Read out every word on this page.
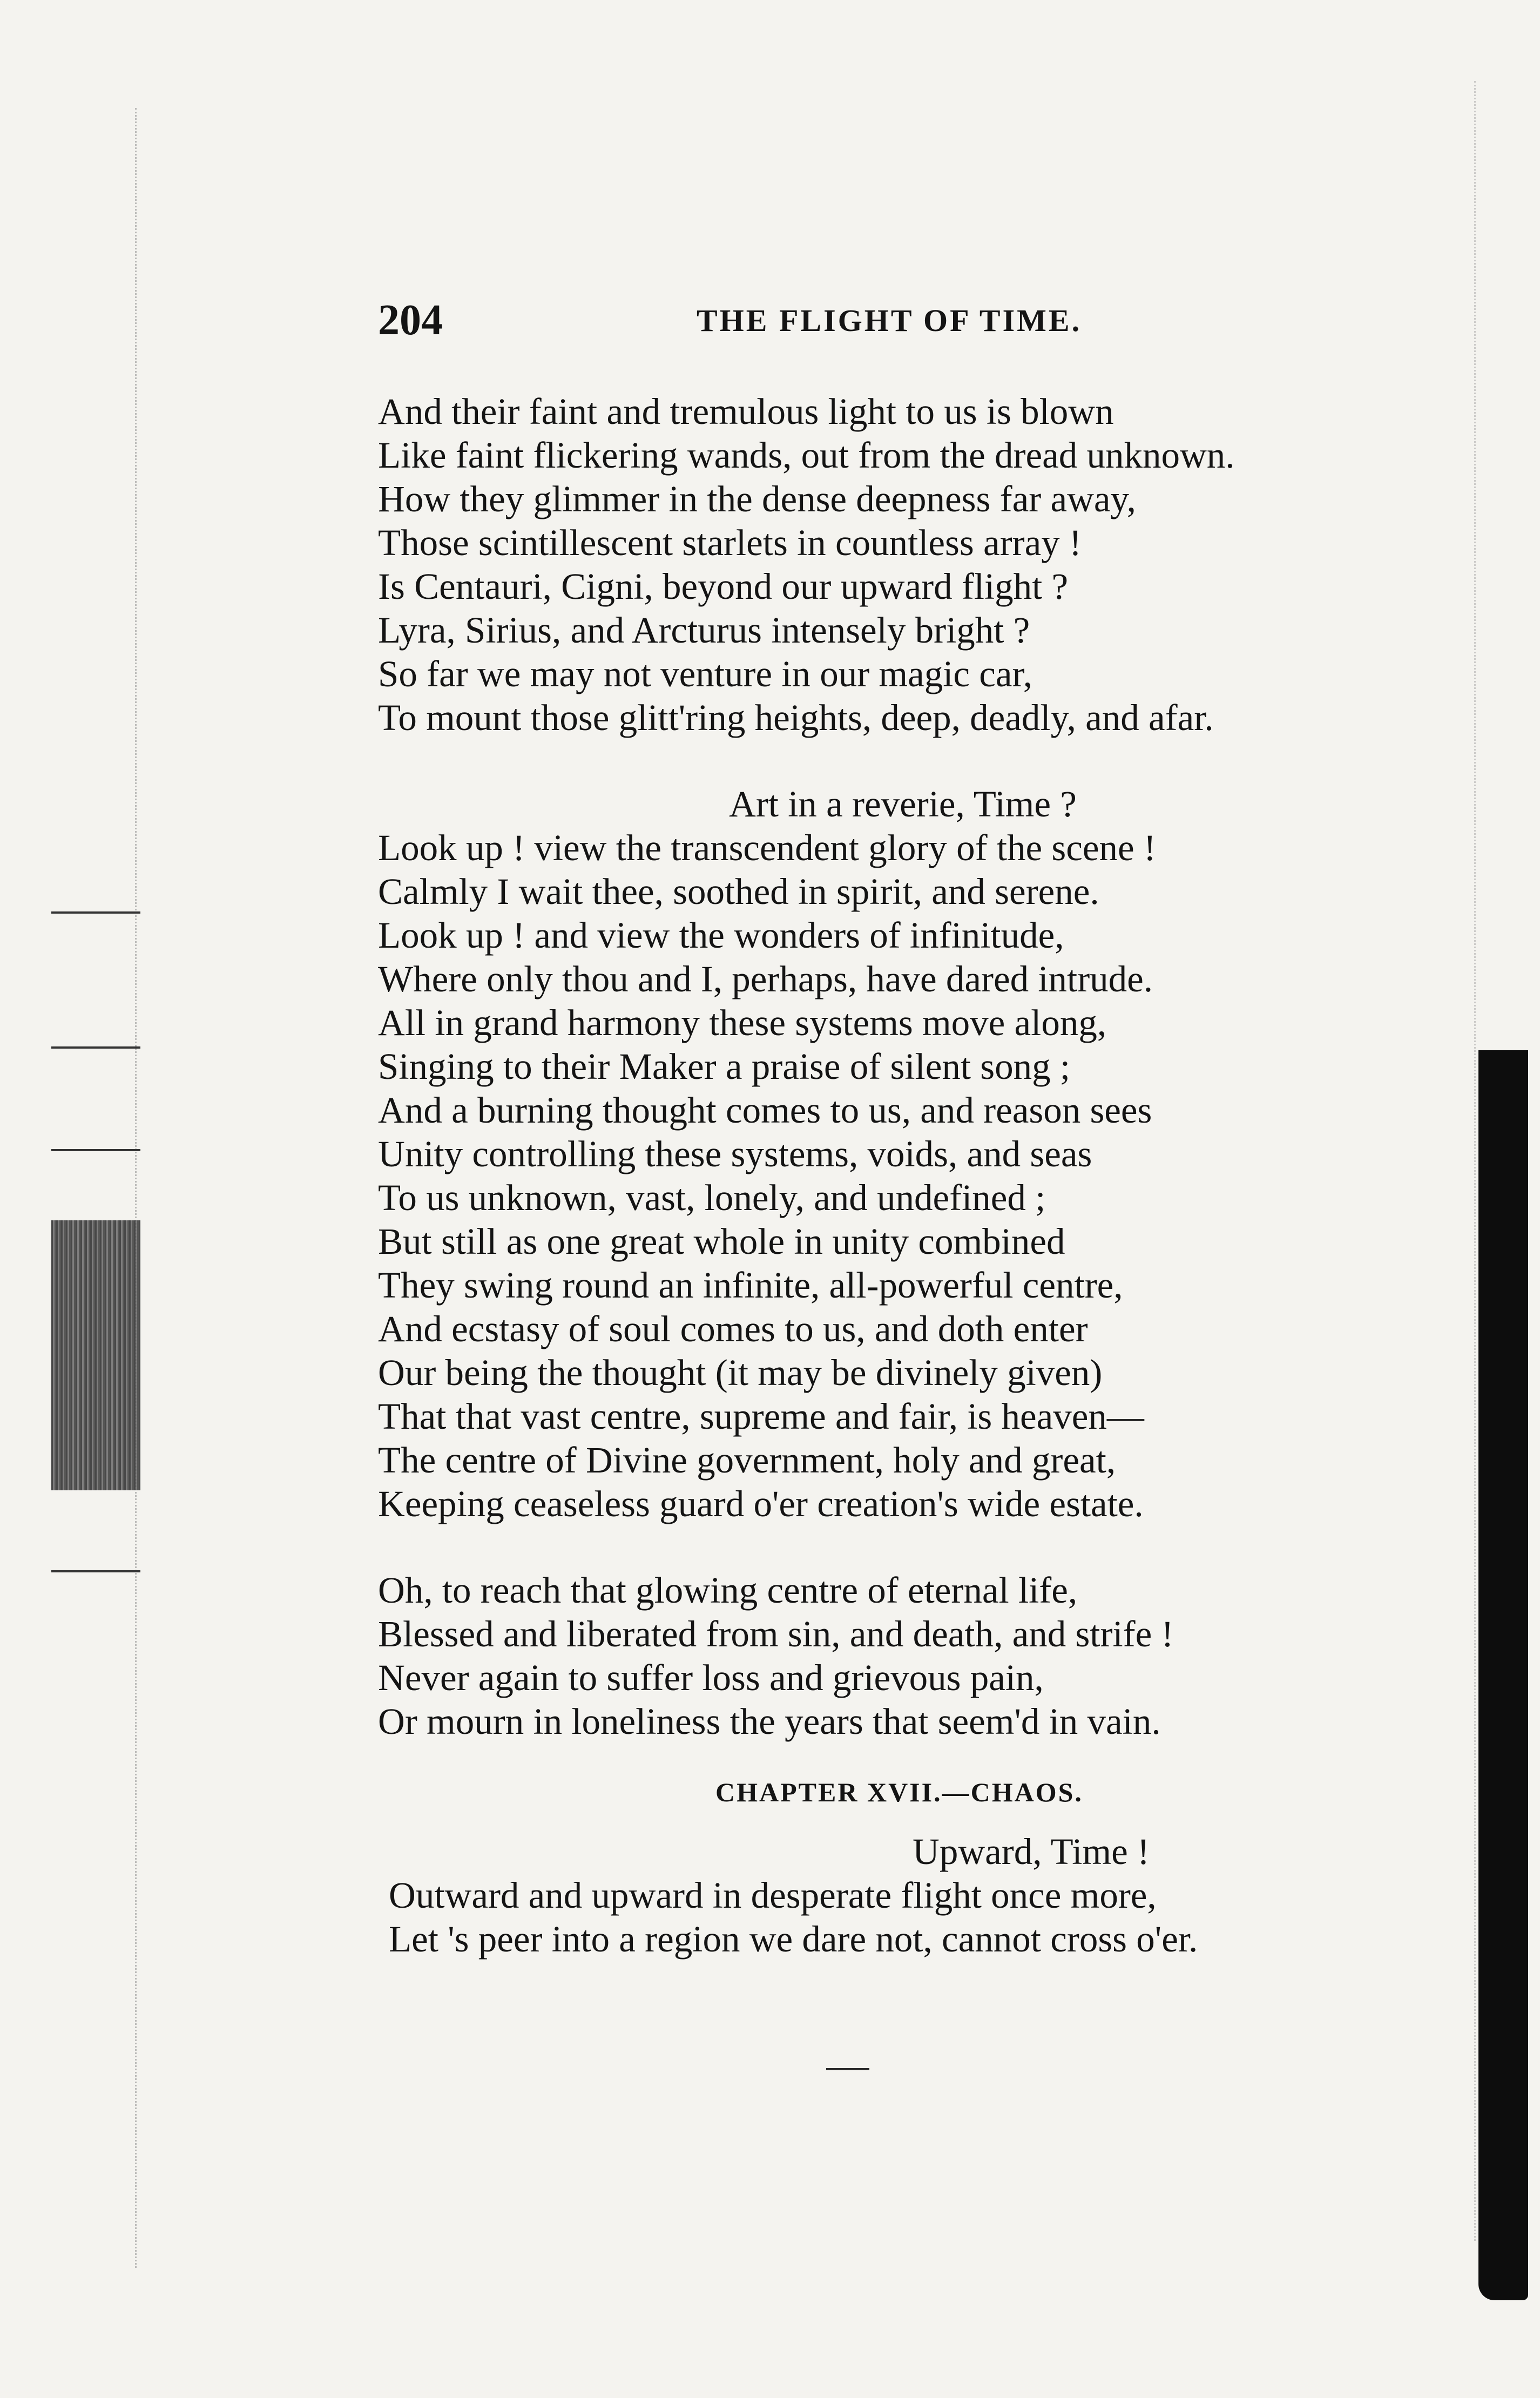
204	THE FLIGHT OF TIME.
And their faint and tremulous light to us is blown
Like faint flickering wands, out from the dread unknown.
How they glimmer in the dense deepness far away,
Those scintillescent starlets in countless array !
Is Centauri, Cigni, beyond our upward flight ?
Lyra, Sirius, and Arcturus intensely bright ?
So far we may not venture in our magic car,
To mount those glitt'ring heights, deep, deadly, and afar.
Art in a reverie, Time ?
Look up ! view the transcendent glory of the scene !
Calmly I wait thee, soothed in spirit, and serene.
Look up ! and view the wonders of infinitude,
Where only thou and I, perhaps, have dared intrude.
All in grand harmony these systems move along,
Singing to their Maker a praise of silent song ;
And a burning thought comes to us, and reason sees
Unity controlling these systems, voids, and seas
To us unknown, vast, lonely, and undefined ;
But still as one great whole in unity combined
They swing round an infinite, all-powerful centre,
And ecstasy of soul comes to us, and doth enter
Our being the thought (it may be divinely given)
That that vast centre, supreme and fair, is heaven—
The centre of Divine government, holy and great,
Keeping ceaseless guard o'er creation's wide estate.
Oh, to reach that glowing centre of eternal life,
Blessed and liberated from sin, and death, and strife !
Never again to suffer loss and grievous pain,
Or mourn in loneliness the years that seem'd in vain.
CHAPTER XVII.—CHAOS.
Upward, Time !
Outward and upward in desperate flight once more,
Let 's peer into a region we dare not, cannot cross o'er.
